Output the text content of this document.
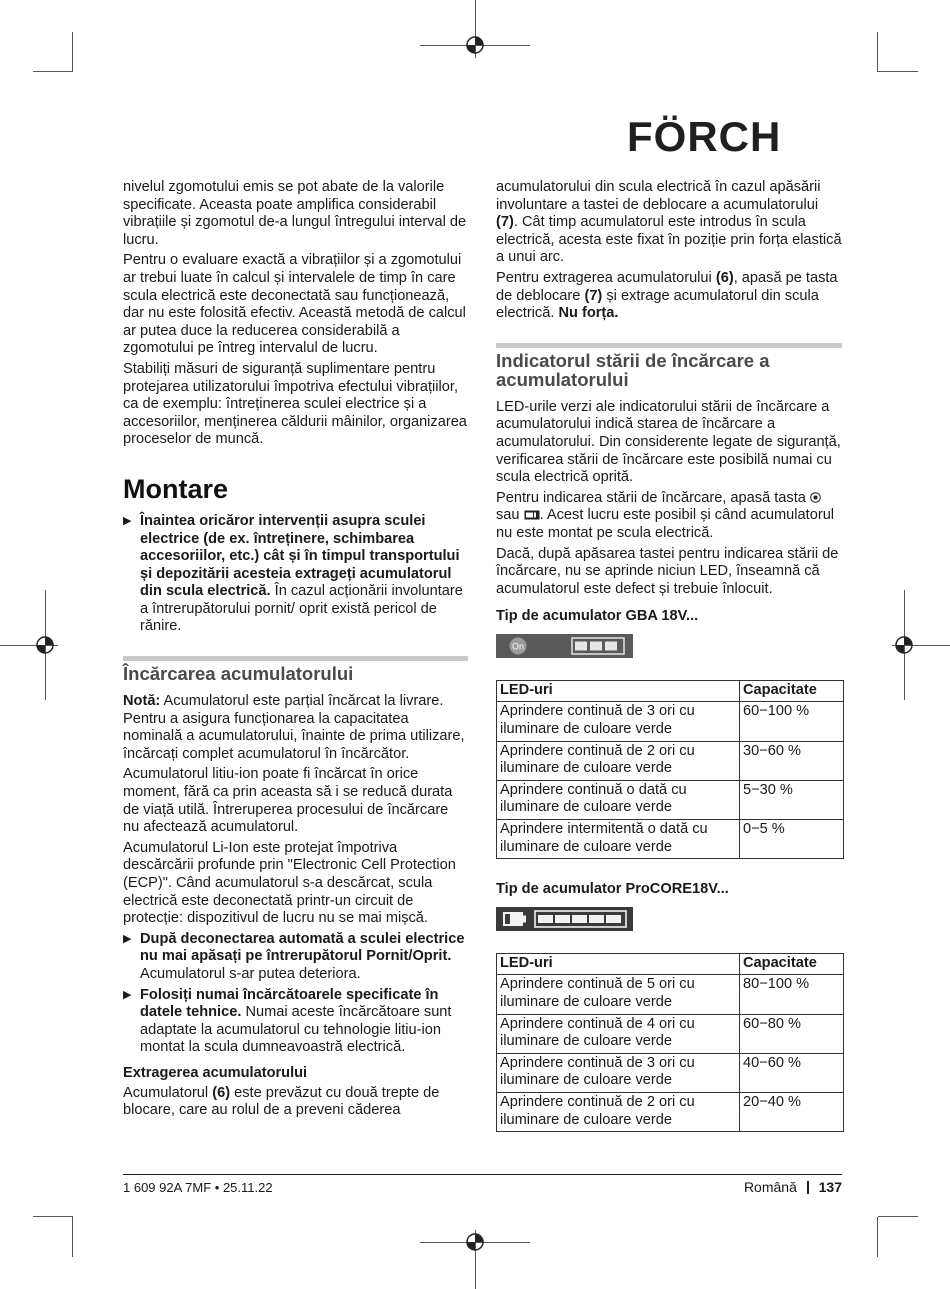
FÖRCH

nivelul zgomotului emis se pot abate de la valorile specificate. Aceasta poate amplifica considerabil vibrațiile și zgomotul de-a lungul întregului interval de lucru.

Pentru o evaluare exactă a vibrațiilor și a zgomotului ar trebui luate în calcul și intervalele de timp în care scula electrică este deconectată sau funcționează, dar nu este folosită efectiv. Această metodă de calcul ar putea duce la reducerea considerabilă a zgomotului pe întreg intervalul de lucru.

Stabiliți măsuri de siguranță suplimentare pentru protejarea utilizatorului împotriva efectului vibrațiilor, ca de exemplu: întreținerea sculei electrice și a accesoriilor, menținerea căldurii mâinilor, organizarea proceselor de muncă.

Montare
▶ Înaintea oricăror intervenții asupra sculei electrice (de ex. întreținere, schimbarea accesoriilor, etc.) cât și în timpul transportului și depozitării acesteia extrageți acumulatorul din scula electrică. În cazul acționării involuntare a întrerupătorului pornit/ oprit există pericol de rănire.
Încărcarea acumulatorului

Notă: Acumulatorul este parțial încărcat la livrare. Pentru a asigura funcționarea la capacitatea nominală a acumulatorului, înainte de prima utilizare, încărcați complet acumulatorul în încărcător.

Acumulatorul litiu-ion poate fi încărcat în orice moment, fără ca prin aceasta să i se reducă durata de viață utilă. Întreruperea procesului de încărcare nu afectează acumulatorul.

Acumulatorul Li-Ion este protejat împotriva descărcării profunde prin "Electronic Cell Protection (ECP)". Când acumulatorul s-a descărcat, scula electrică este deconectată printr-un circuit de protecție: dispozitivul de lucru nu se mai mișcă.

▶ După deconectarea automată a sculei electrice nu mai apăsați pe întrerupătorul Pornit/Oprit. Acumulatorul s-ar putea deteriora.
▶ Folosiți numai încărcătoarele specificate în datele tehnice. Numai aceste încărcătoare sunt adaptate la acumulatorul cu tehnologie litiu-ion montat la scula dumneavoastră electrică.
Extragerea acumulatorului

Acumulatorul (6) este prevăzut cu două trepte de blocare, care au rolul de a preveni căderea

acumulatorului din scula electrică în cazul apăsării involuntare a tastei de deblocare a acumulatorului (7). Cât timp acumulatorul este introdus în scula electrică, acesta este fixat în poziție prin forța elastică a unui arc.

Pentru extragerea acumulatorului (6), apasă pe tasta de deblocare (7) și extrage acumulatorul din scula electrică. Nu forța.

Indicatorul stării de încărcare a acumulatorului

LED-urile verzi ale indicatorului stării de încărcare a acumulatorului indică starea de încărcare a acumulatorului. Din considerente legate de siguranță, verificarea stării de încărcare este posibilă numai cu scula electrică oprită.

Pentru indicarea stării de încărcare, apasă tasta  sau . Acest lucru este posibil și când acumulatorul nu este montat pe scula electrică.

Dacă, după apăsarea tastei pentru indicarea stării de încărcare, nu se aprinde niciun LED, înseamnă că acumulatorul este defect și trebuie înlocuit.

Tip de acumulator GBA 18V...
On
LED-uri	Capacitate
Aprindere continuă de 3 ori cu iluminare de culoare verde	60−100 %
Aprindere continuă de 2 ori cu iluminare de culoare verde	30−60 %
Aprindere continuă o dată cu iluminare de culoare verde	5−30 %
Aprindere intermitentă o dată cu iluminare de culoare verde	0−5 %
Tip de acumulator ProCORE18V...
LED-uri	Capacitate
Aprindere continuă de 5 ori cu iluminare de culoare verde	80−100 %
Aprindere continuă de 4 ori cu iluminare de culoare verde	60−80 %
Aprindere continuă de 3 ori cu iluminare de culoare verde	40−60 %
Aprindere continuă de 2 ori cu iluminare de culoare verde	20−40 %
1 609 92A 7MF • 25.11.22	Română 137
